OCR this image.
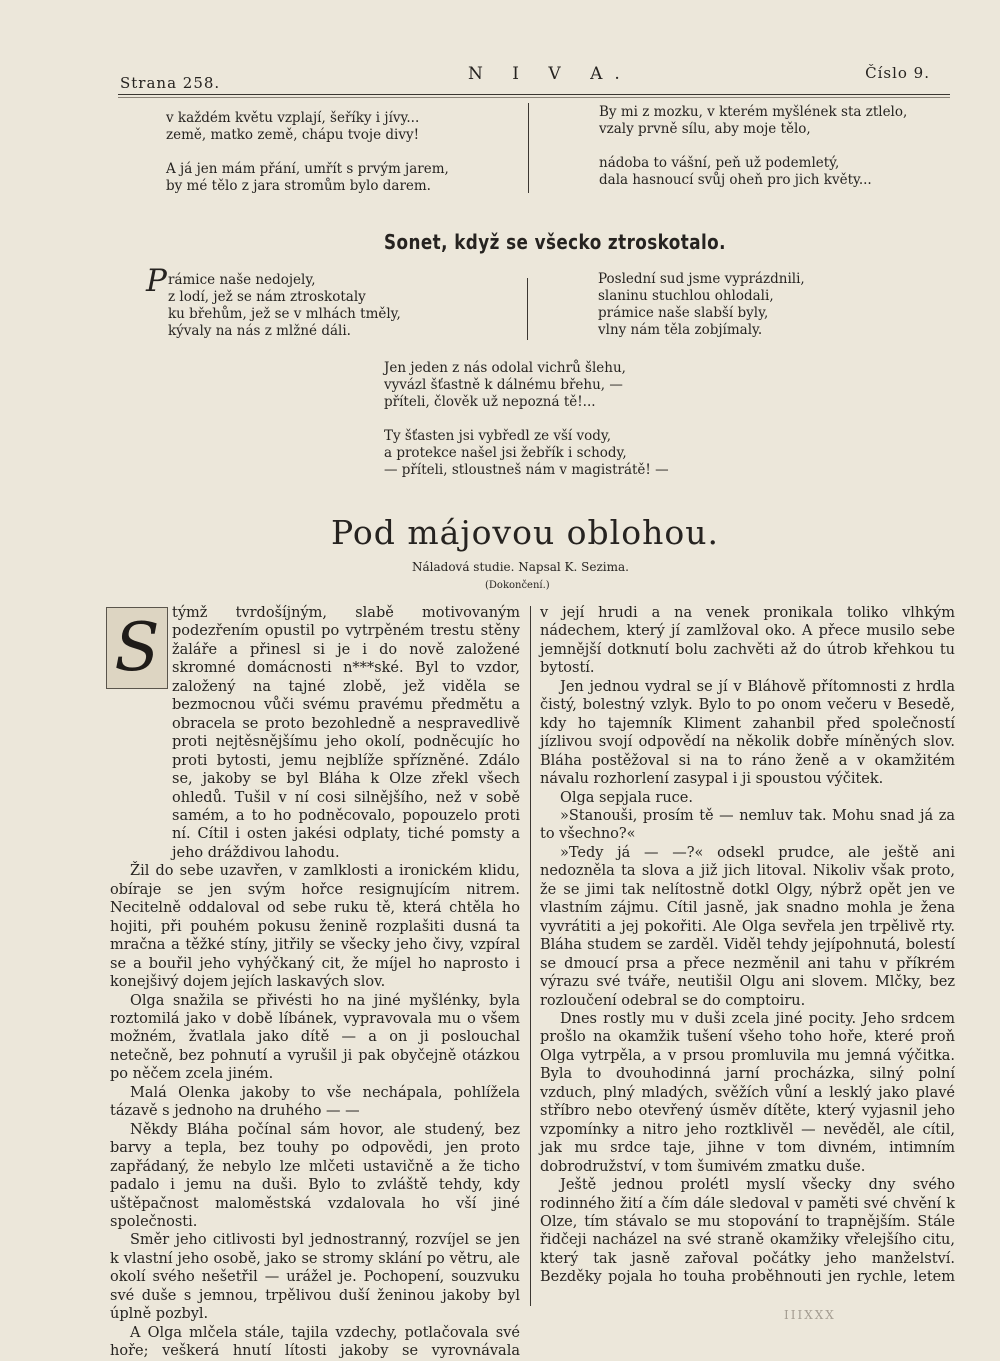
Strana 258.	N I V A.	Číslo 9.
v každém květu vzplají, šeříky i jívy...
země, matko země, chápu tvoje divy!

A já jen mám přání, umřít s prvým jarem,
by mé tělo z jara stromům bylo darem.
By mi z mozku, v kterém myšlének sta ztlelo,
vzaly prvně sílu, aby moje tělo,

nádoba to vášní, peň už podemletý,
dala hasnoucí svůj oheň pro jich květy...
Sonet, když se všecko ztroskotalo.
P rámice naše nedojely,
z lodí, jež se nám ztroskotaly
ku břehům, jež se v mlhách tměly,
kývaly na nás z mlžné dáli.
Poslední sud jsme vyprázdnili,
slaninu stuchlou ohlodali,
prámice naše slabší byly,
vlny nám těla zobjímaly.
Jen jeden z nás odolal vichrů šlehu,
vyvázl šťastně k dálnému břehu, —
příteli, člověk už nepozná tě!...
Ty šťasten jsi vybředl ze vší vody,
a protekce našel jsi žebřík i schody,
— příteli, stloustneš nám v magistrátě! —
Pod májovou oblohou.
Náladová studie. Napsal K. Sezima.
(Dokončení.)
S týmž tvrdošíjným, slabě motivovaným podezřením opustil po vytrpěném trestu stěny žaláře a přinesl si je i do nově založené skromné domácnosti n***ské. Byl to vzdor, založený na tajné zlobě, jež viděla se bezmocnou vůči svému pravému předmětu a obracela se proto bezohledně a nespravedlivě proti nejtěsnějšímu jeho okolí, podněcujíc ho proti bytosti, jemu nejblíže spřízněné. Zdálo se, jakoby se byl Bláha k Olze zřekl všech ohledů. Tušil v ní cosi silnějšího, než v sobě samém, a to ho podněcovalo, popouzelo proti ní. Cítil i osten jakési odplaty, tiché pomsty a jeho dráždivou lahodu.

Žil do sebe uzavřen, v zamlklosti a ironickém klidu, obíraje se jen svým hořce resignujícím nitrem. Necitelně oddaloval od sebe ruku tě, která chtěla ho hojiti, při pouhém pokusu ženině rozplašiti dusná ta mračna a těžké stíny, jitřily se všecky jeho čivy, vzpíral se a bouřil jeho vyhýčkaný cit, že míjel ho naprosto i konejšivý dojem jejích laskavých slov.

Olga snažila se přivésti ho na jiné myšlénky, byla roztomilá jako v době líbánek, vypravovala mu o všem možném, žvatlala jako dítě — a on ji poslouchal netečně, bez pohnutí a vyrušil ji pak obyčejně otázkou po něčem zcela jiném.

Malá Olenka jakoby to vše nechápala, pohlížela tázavě s jednoho na druhého — —

Někdy Bláha počínal sám hovor, ale studený, bez barvy a tepla, bez touhy po odpovědi, jen proto zapřádaný, že nebylo lze mlčeti ustavičně a že ticho padalo i jemu na duši. Bylo to zvláště tehdy, kdy uštěpačnost maloměstská vzdalovala ho vší jiné společnosti.

Směr jeho citlivosti byl jednostranný, rozvíjel se jen k vlastní jeho osobě, jako se stromy sklání po větru, ale okolí svého nešetřil — urážel je. Pochopení, souzvuku své duše s jemnou, trpělivou duší ženinou jakoby byl úplně pozbyl.

A Olga mlčela stále, tajila vzdechy, potlačovala své hoře; veškerá hnutí lítosti jakoby se vyrovnávala

v její hrudi a na venek pronikala toliko vlhkým nádechem, který jí zamlžoval oko. A přece musilo sebe jemnější dotknutí bolu zachvěti až do útrob křehkou tu bytostí.

Jen jednou vydral se jí v Bláhově přítomnosti z hrdla čistý, bolestný vzlyk. Bylo to po onom večeru v Besedě, kdy ho tajemník Kliment zahanbil před společností jízlivou svojí odpovědí na několik dobře míněných slov. Bláha postěžoval si na to ráno ženě a v okamžitém návalu rozhorlení zasypal i ji spoustou výčitek.

Olga sepjala ruce.

»Stanouši, prosím tě — nemluv tak. Mohu snad já za to všechno?«

»Tedy já — —?« odsekl prudce, ale ještě ani nedozněla ta slova a již jich litoval. Nikoliv však proto, že se jimi tak nelítostně dotkl Olgy, nýbrž opět jen ve vlastním zájmu. Cítil jasně, jak snadno mohla je žena vyvrátiti a jej pokořiti. Ale Olga sevřela jen trpělivě rty. Bláha studem se zarděl. Viděl tehdy jejípohnutá, bolestí se dmoucí prsa a přece nezměnil ani tahu v příkrém výrazu své tváře, neutišil Olgu ani slovem. Mlčky, bez rozloučení odebral se do comptoiru.

Dnes rostly mu v duši zcela jiné pocity. Jeho srdcem prošlo na okamžik tušení všeho toho hoře, které proň Olga vytrpěla, a v prsou promluvila mu jemná výčitka. Byla to dvouhodinná jarní procházka, silný polní vzduch, plný mladých, svěžích vůní a lesklý jako plavé stříbro nebo otevřený úsměv dítěte, který vyjasnil jeho vzpomínky a nitro jeho roztklivěl — nevěděl, ale cítil, jak mu srdce taje, jihne v tom divném, intimním dobrodružství, v tom šumivém zmatku duše.

Ještě jednou prolétl myslí všecky dny svého rodinného žití a čím dále sledoval v paměti své chvění k Olze, tím stávalo se mu stopování to trapnějším. Stále řidčeji nacházel na své straně okamžiky vřelejšího citu, který tak jasně zařoval počátky jeho manželství. Bezděky pojala ho touha proběhnouti jen rychle, letem

IIIXXX
